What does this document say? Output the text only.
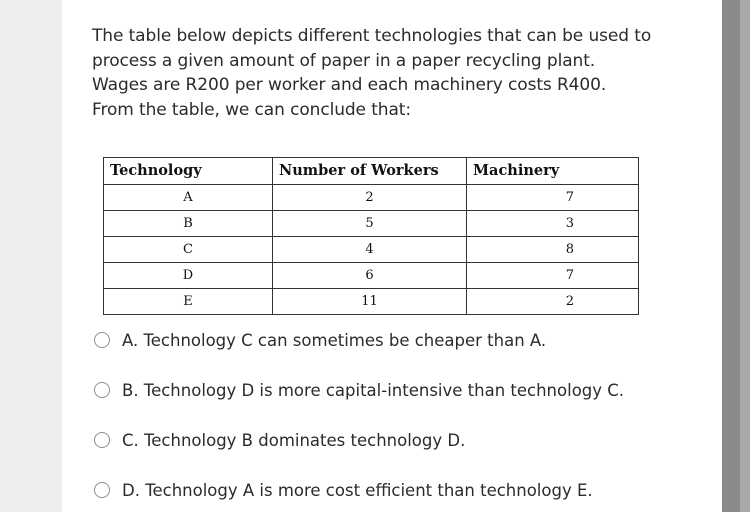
The table below depicts different technologies that can be used to process a given amount of paper in a paper recycling plant. Wages are R200 per worker and each machinery costs R400. From the table, we can conclude that:
Technology	Number of Workers	Machinery
A	2	7
B	5	3
C	4	8
D	6	7
E	11	2
A. Technology C can sometimes be cheaper than A.
B. Technology D is more capital-intensive than technology C.
C. Technology B dominates technology D.
D. Technology A is more cost efficient than technology E.
